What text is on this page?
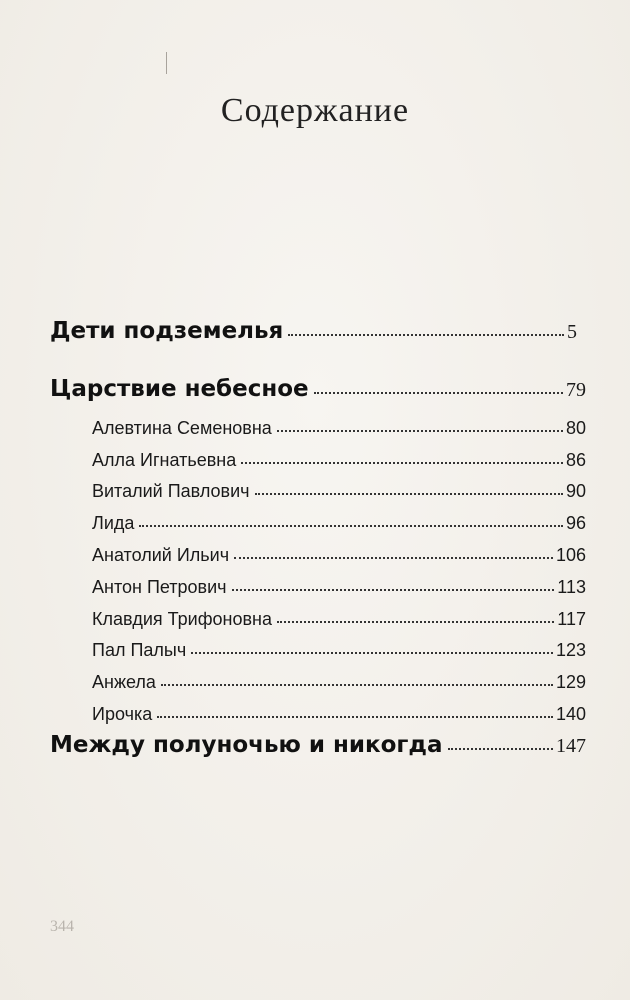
Содержание
Дети подземелья	5
Царствие небесное	79
Алевтина Семеновна	80
Алла Игнатьевна	86
Виталий Павлович	90
Лида	96
Анатолий Ильич	106
Антон Петрович	113
Клавдия Трифоновна	117
Пал Палыч	123
Анжела	129
Ирочка	140
Между полуночью и никогда	147
344
